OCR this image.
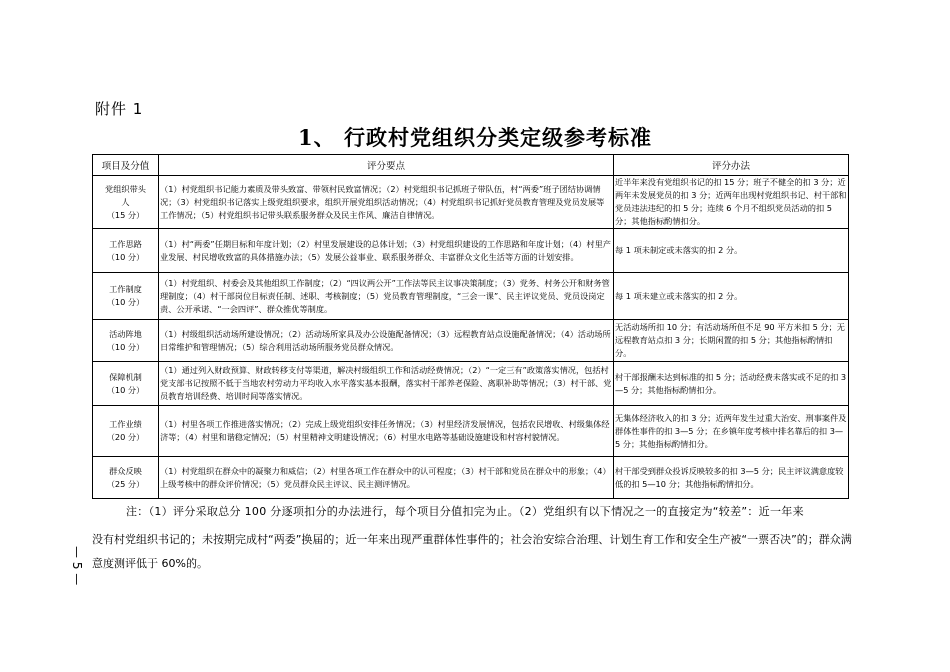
附件 1
1、 行政村党组织分类定级参考标准
项目及分值	评分要点	评分办法

党组织带头人
（15 分）	（1）村党组织书记能力素质及带头致富、带领村民致富情况；（2）村党组织书记抓班子带队伍，村“两委”班子团结协调情况；（3）村党组织书记落实上级党组织要求，组织开展党组织活动情况；（4）村党组织书记抓好党员教育管理及党员发展等工作情况；（5）村党组织书记带头联系服务群众及民主作风、廉洁自律情况。	近半年来没有党组织书记的扣 15 分；班子不健全的扣 3 分；近两年未发展党员的扣 3 分；近两年出现村党组织书记、村干部和党员违法违纪的扣 5 分；连续 6 个月不组织党员活动的扣 5 分；其他指标酌情扣分。

工作思路
（10 分）	（1）村“两委”任期目标和年度计划；（2）村里发展建设的总体计划；（3）村党组织建设的工作思路和年度计划；（4）村里产业发展、村民增收致富的具体措施办法；（5）发展公益事业、联系服务群众、丰富群众文化生活等方面的计划安排。	每 1 项未制定或未落实的扣 2 分。

工作制度
（10 分）	（1）村党组织、村委会及其他组织工作制度；（2）“四议两公开”工作法等民主议事决策制度；（3）党务、村务公开和财务管理制度；（4）村干部岗位目标责任制、述职、考核制度；（5）党员教育管理制度，“三会一课”、民主评议党员、党员设岗定责、公开承诺、“一会四评”、群众推优等制度。	每 1 项未建立或未落实的扣 2 分。

活动阵地
（10 分）	（1）村级组织活动场所建设情况；（2）活动场所家具及办公设施配备情况；（3）远程教育站点设施配备情况；（4）活动场所日常维护和管理情况；（5）综合利用活动场所服务党员群众情况。	无活动场所扣 10 分；有活动场所但不足 90 平方米扣 5 分；无远程教育站点扣 3 分；长期闲置的扣 5 分；其他指标酌情扣分。

保障机制
（10 分）	（1）通过列入财政预算、财政转移支付等渠道，解决村级组织工作和活动经费情况；（2）“一定三有”政策落实情况，包括村党支部书记按照不低于当地农村劳动力平均收入水平落实基本报酬，落实村干部养老保险、离职补助等情况；（3）村干部、党员教育培训经费、培训时间等落实情况。	村干部报酬未达到标准的扣 5 分；活动经费未落实或不足的扣 3—5 分；其他指标酌情扣分。

工作业绩
（20 分）	（1）村里各项工作推进落实情况；（2）完成上级党组织安排任务情况；（3）村里经济发展情况，包括农民增收、村级集体经济等；（4）村里和谐稳定情况；（5）村里精神文明建设情况；（6）村里水电路等基础设施建设和村容村貌情况。	无集体经济收入的扣 3 分；近两年发生过重大治安、刑事案件及群体性事件的扣 3—5 分；在乡镇年度考核中排名靠后的扣 3—5 分；其他指标酌情扣分。

群众反映
（25 分）	（1）村党组织在群众中的凝聚力和威信；（2）村里各项工作在群众中的认可程度；（3）村干部和党员在群众中的形象；（4）上级考核中的群众评价情况；（5）党员群众民主评议、民主测评情况。	村干部受到群众投诉反映较多的扣 3—5 分；民主评议满意度较低的扣 5—10 分；其他指标酌情扣分。
注：（1）评分采取总分 100 分逐项扣分的办法进行，每个项目分值扣完为止。（2）党组织有以下情况之一的直接定为“较差”：近一年来
没有村党组织书记的；未按期完成村“两委”换届的；近一年来出现严重群体性事件的；社会治安综合治理、计划生育工作和安全生产被“一票否决”的；群众满意度测评低于 60%的。
— 5 —
